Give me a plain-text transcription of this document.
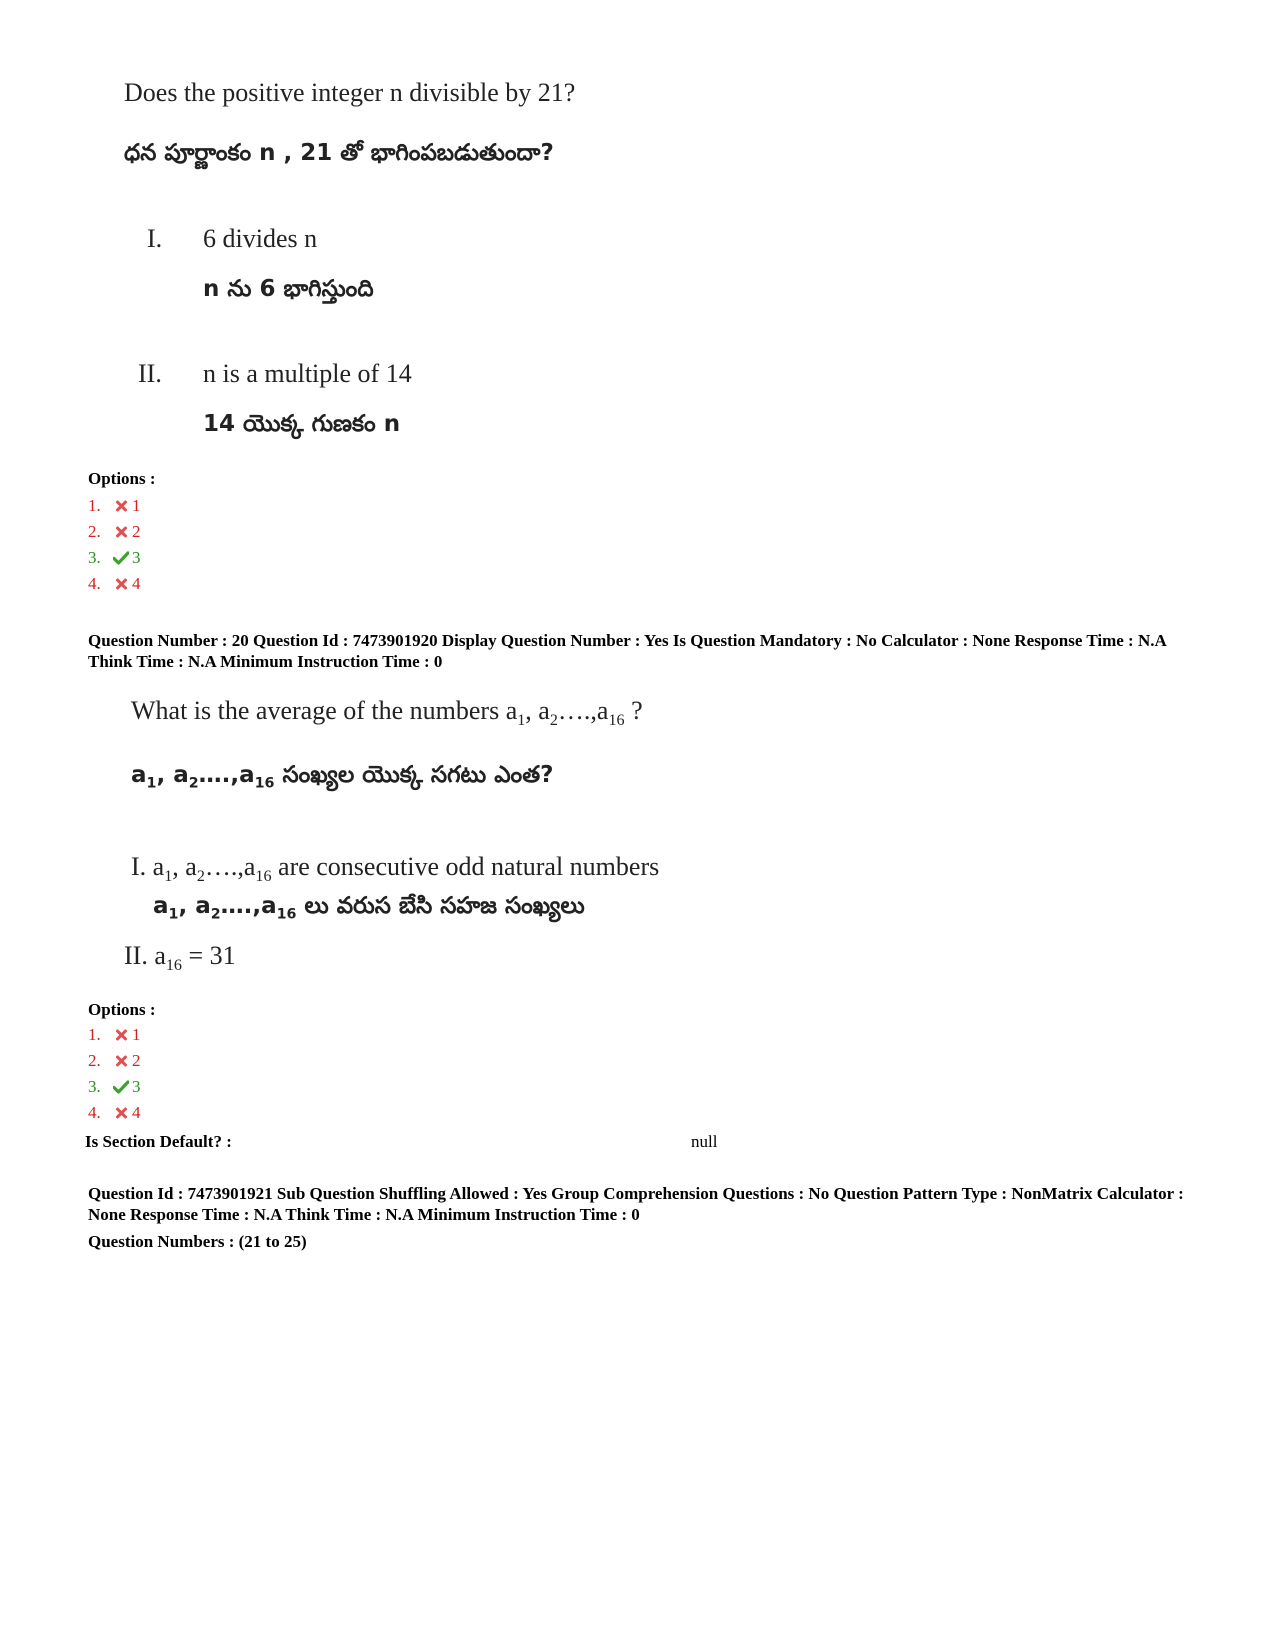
Does the positive integer n divisible by 21?
ధన పూర్ణాంకం n , 21 తో భాగింపబడుతుందా?
I. 6 divides n
n ను 6 భాగిస్తుంది
II. n is a multiple of 14
14 యొక్క గుణకం n
Options :
1.	1
2.	2
3.	3
4.	4
Question Number : 20 Question Id : 7473901920 Display Question Number : Yes Is Question Mandatory : No Calculator : None Response Time : N.A Think Time : N.A Minimum Instruction Time : 0
What is the average of the numbers $a_1$, $a_2\dots.,a_{16}$ ?
$a_1$, $a_2\dots.,a_{16}$ సంఖ్యల యొక్క సగటు ఎంత?
I. $a_1$, $a_2\dots.,a_{16}$ are consecutive odd natural numbers
$a_1$, $a_2\dots.,a_{16}$ లు వరుస బేసి సహజ సంఖ్యలు
II. $a_{16} = 31$
Options :
1.	1
2.	2
3.	3
4.	4
Is Section Default? :	null
Question Id : 7473901921 Sub Question Shuffling Allowed : Yes Group Comprehension Questions : No Question Pattern Type : NonMatrix Calculator : None Response Time : N.A Think Time : N.A Minimum Instruction Time : 0
Question Numbers : (21 to 25)
